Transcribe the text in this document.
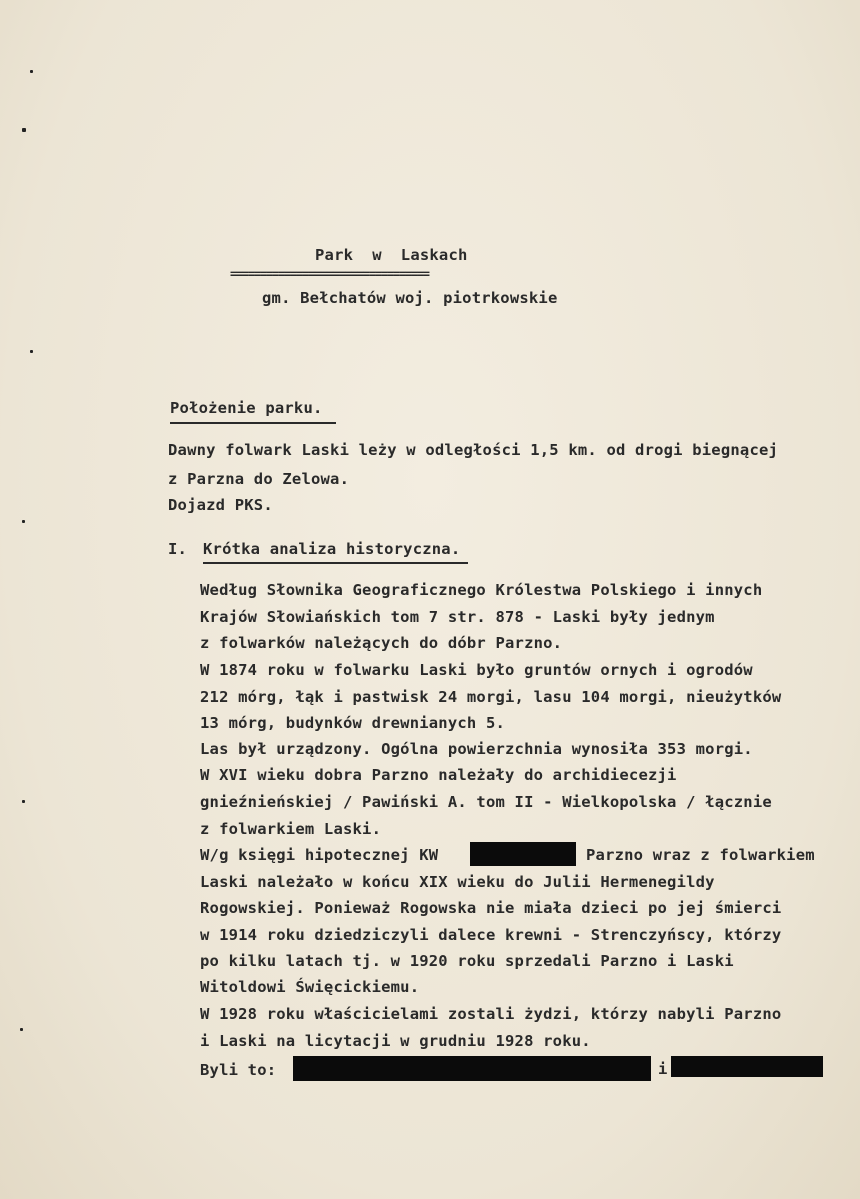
Park  w  Laskach
=================================
gm. Bełchatów woj. piotrkowskie
Położenie parku.
Dawny folwark Laski leży w odległości 1,5 km. od drogi biegnącej
z Parzna do Zelowa.
Dojazd PKS.
I. Krótka analiza historyczna.
Według Słownika Geograficznego Królestwa Polskiego i innych
Krajów Słowiańskich tom 7 str. 878 - Laski były jednym
z folwarków należących do dóbr Parzno.
W 1874 roku w folwarku Laski było gruntów ornych i ogrodów
212 mórg, łąk i pastwisk 24 morgi, lasu 104 morgi, nieużytków
13 mórg, budynków drewnianych 5.
Las był urządzony. Ogólna powierzchnia wynosiła 353 morgi.
W XVI wieku dobra Parzno należały do archidiecezji
gnieźnieńskiej / Pawiński A. tom II - Wielkopolska / łącznie
z folwarkiem Laski.
W/g księgi hipotecznej KW	Parzno wraz z folwarkiem
Laski należało w końcu XIX wieku do Julii Hermenegildy
Rogowskiej. Ponieważ Rogowska nie miała dzieci po jej śmierci
w 1914 roku dziedziczyli dalece krewni - Strenczyńscy, którzy
po kilku latach tj. w 1920 roku sprzedali Parzno i Laski
Witoldowi Święcickiemu.
W 1928 roku właścicielami zostali żydzi, którzy nabyli Parzno
i Laski na licytacji w grudniu 1928 roku.
Byli to:	i
